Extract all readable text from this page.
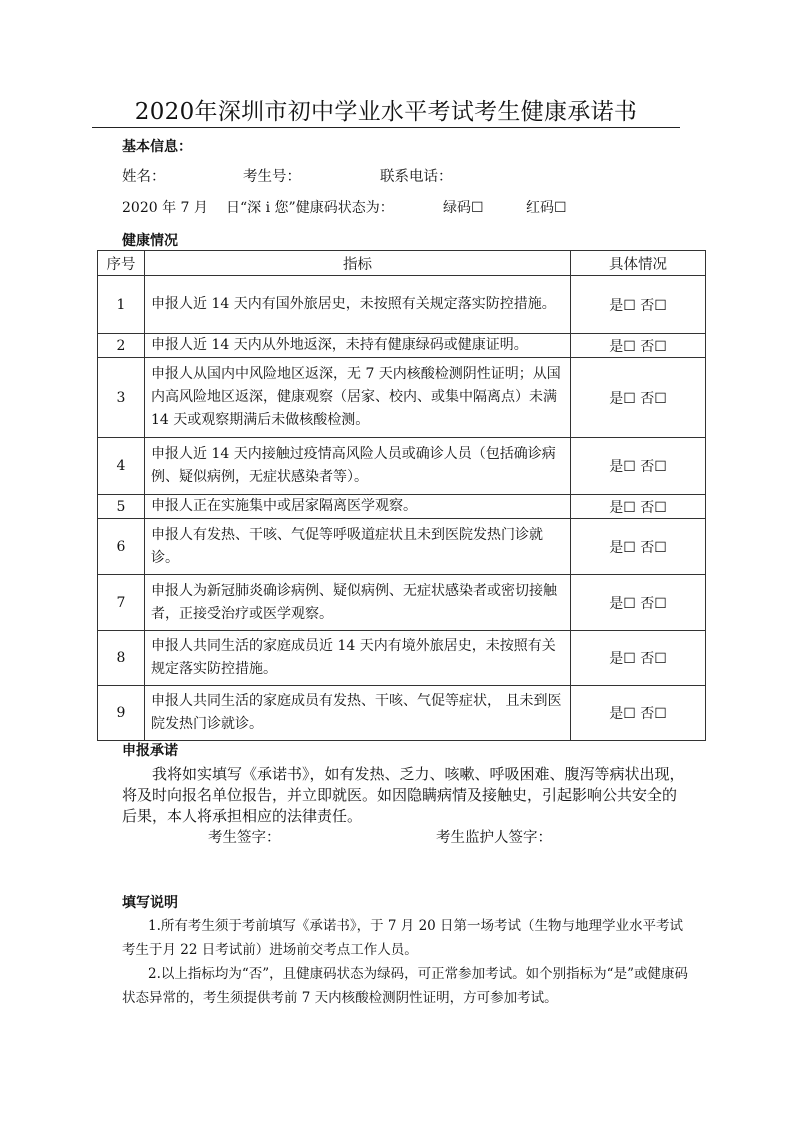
2020年深圳市初中学业水平考试考生健康承诺书
基本信息：
姓名：	考生号：	联系电话：
2020 年 7 月 日“深 i 您”健康码状态为：	绿码☐	红码☐
健康情况
序号	指标	具体情况
1	申报人近 14 天内有国外旅居史，未按照有关规定落实防控措施。	是☐ 否☐
2	申报人近 14 天内从外地返深，未持有健康绿码或健康证明。	是☐ 否☐
3	申报人从国内中风险地区返深，无 7 天内核酸检测阴性证明；从国内高风险地区返深，健康观察（居家、校内、或集中隔离点）未满 14 天或观察期满后未做核酸检测。	是☐ 否☐
4	申报人近 14 天内接触过疫情高风险人员或确诊人员（包括确诊病例、疑似病例，无症状感染者等）。	是☐ 否☐
5	申报人正在实施集中或居家隔离医学观察。	是☐ 否☐
6	申报人有发热、干咳、气促等呼吸道症状且未到医院发热门诊就诊。	是☐ 否☐
7	申报人为新冠肺炎确诊病例、疑似病例、无症状感染者或密切接触者，正接受治疗或医学观察。	是☐ 否☐
8	申报人共同生活的家庭成员近 14 天内有境外旅居史，未按照有关规定落实防控措施。	是☐ 否☐
9	申报人共同生活的家庭成员有发热、干咳、气促等症状， 且未到医院发热门诊就诊。	是☐ 否☐
申报承诺
我将如实填写《承诺书》，如有发热、乏力、咳嗽、呼吸困难、腹泻等病状出现，将及时向报名单位报告，并立即就医。如因隐瞒病情及接触史，引起影响公共安全的后果，本人将承担相应的法律责任。
考生签字：	考生监护人签字：
填写说明
1.所有考生须于考前填写《承诺书》，于 7 月 20 日第一场考试（生物与地理学业水平考试考生于月 22 日考试前）进场前交考点工作人员。
2.以上指标均为“否”，且健康码状态为绿码，可正常参加考试。如个别指标为“是”或健康码状态异常的，考生须提供考前 7 天内核酸检测阴性证明，方可参加考试。
